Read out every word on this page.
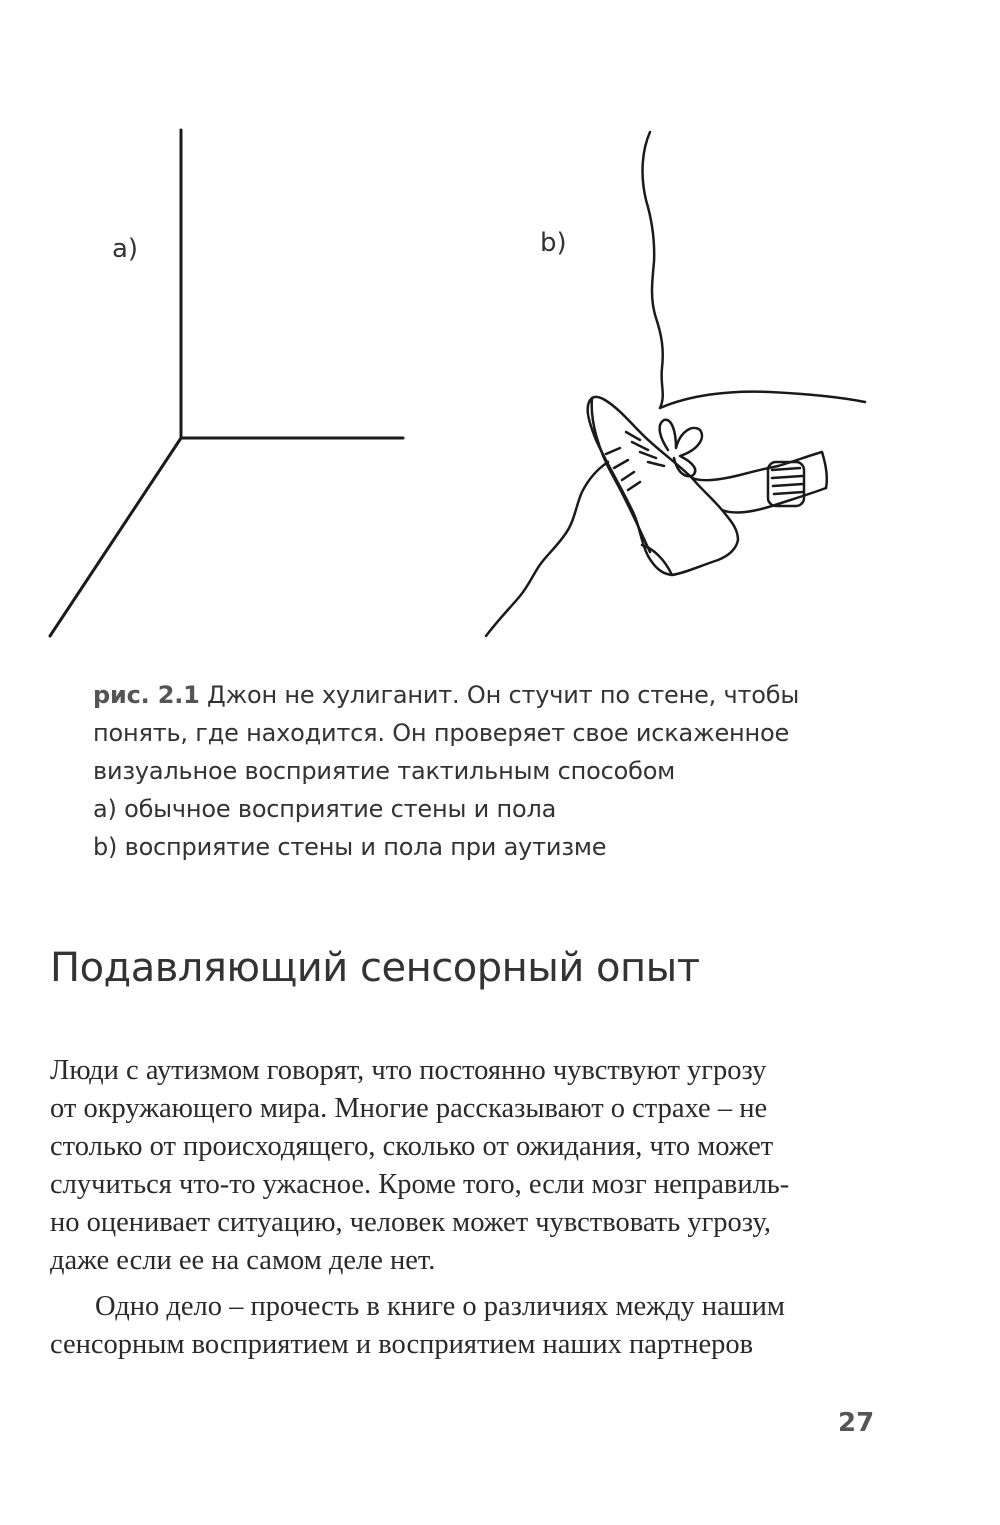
a)	b)
рис. 2.1 Джон не хулиганит. Он стучит по стене, чтобы
понять, где находится. Он проверяет свое искаженное
визуальное восприятие тактильным способом
a) обычное восприятие стены и пола
b) восприятие стены и пола при аутизме
Подавляющий сенсорный опыт
Люди с аутизмом говорят, что постоянно чувствуют угрозу
от окружающего мира. Многие рассказывают о страхе – не
столько от происходящего, сколько от ожидания, что может
случиться что-то ужасное. Кроме того, если мозг неправиль-
но оценивает ситуацию, человек может чувствовать угрозу,
даже если ее на самом деле нет.
Одно дело – прочесть в книге о различиях между нашим
сенсорным восприятием и восприятием наших партнеров
27
